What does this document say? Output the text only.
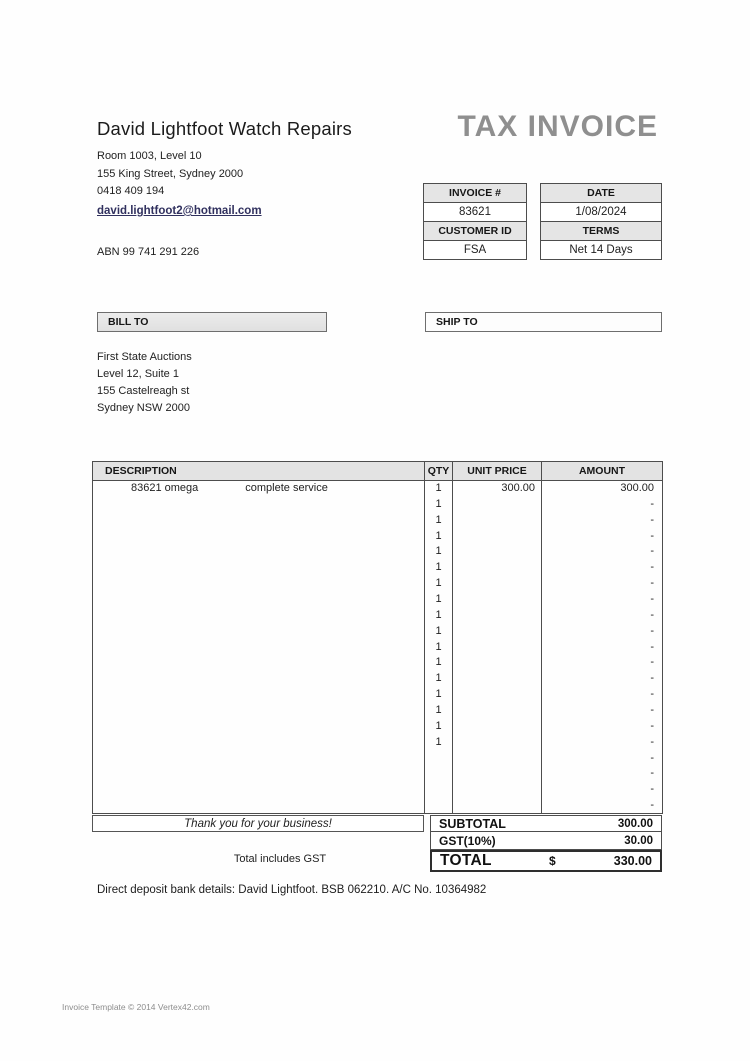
David Lightfoot Watch Repairs
Room 1003, Level 10
155 King Street, Sydney 2000
0418 409 194
david.lightfoot2@hotmail.com
ABN 99 741 291 226
TAX INVOICE
INVOICE #
83621
CUSTOMER ID
FSA
DATE
1/08/2024
TERMS
Net 14 Days
BILL TO	SHIP TO
First State Auctions
Level 12, Suite 1
155 Castelreagh st
Sydney NSW 2000
DESCRIPTION	QTY	UNIT PRICE	AMOUNT
83621 omega complete service	1	300.00	300.00
	1		-
	1		-
	1		-
	1		-
	1		-
	1		-
	1		-
	1		-
	1		-
	1		-
	1		-
	1		-
	1		-
	1		-
	1		-
	1		-
			-
			-
			-
			-
Thank you for your business!	SUBTOTAL	300.00
GST(10%)	30.00
TOTAL	$	330.00
Total includes GST
Direct deposit bank details: David Lightfoot. BSB 062210. A/C No. 10364982
Invoice Template © 2014 Vertex42.com
